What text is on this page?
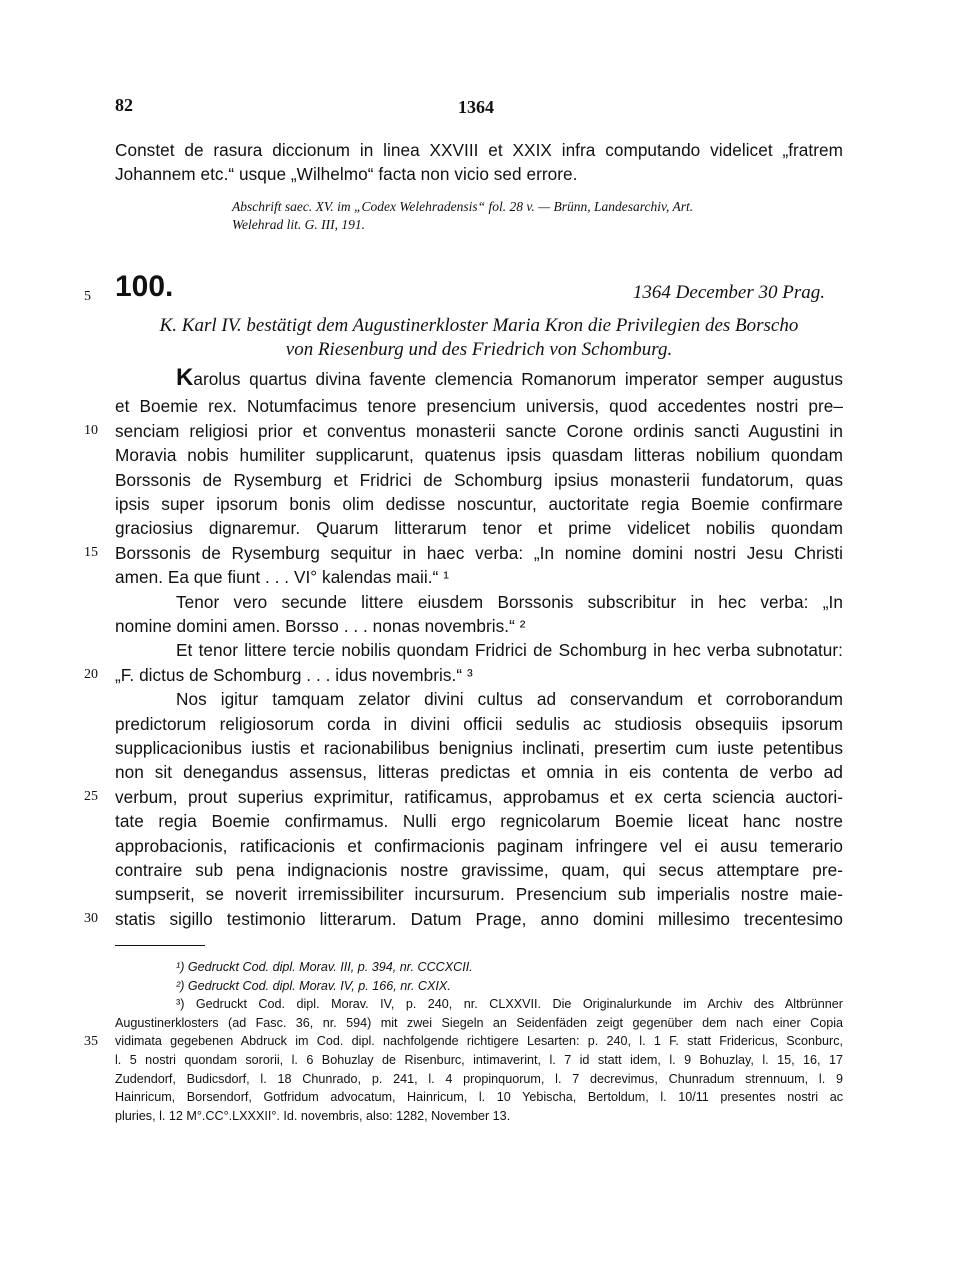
82	1364
Constet de rasura diccionum in linea XXVIII et XXIX infra computando videlicet „fratrem
Johannem etc.“ usque „Wilhelmo“ facta non vicio sed errore.
Abschrift saec. XV. im „Codex Welehradensis“ fol. 28 v. — Brünn, Landesarchiv, Art.
Welehrad lit. G. III, 191.
5 100.	1364 December 30 Prag.
K. Karl IV. bestätigt dem Augustinerkloster Maria Kron die Privilegien des Borscho
von Riesenburg und des Friedrich von Schomburg.
Karolus quartus divina favente clemencia Romanorum imperator semper augustus
et Boemie rex. Notumfacimus tenore presencium universis, quod accedentes nostri pre–
senciam religiosi prior et conventus monasterii sancte Corone ordinis sancti Augustini in
10
Moravia nobis humiliter supplicarunt, quatenus ipsis quasdam litteras nobilium quondam
Borssonis de Rysemburg et Fridrici de Schomburg ipsius monasterii fundatorum, quas
ipsis super ipsorum bonis olim dedisse noscuntur, auctoritate regia Boemie confirmare
graciosius dignaremur. Quarum litterarum tenor et prime videlicet nobilis quondam
Borssonis de Rysemburg sequitur in haec verba: „In nomine domini nostri Jesu Christi
15
amen. Ea que fiunt . . . VI° kalendas maii.“ ¹
Tenor vero secunde littere eiusdem Borssonis subscribitur in hec verba: „In
nomine domini amen. Borsso . . . nonas novembris.“ ²
Et tenor littere tercie nobilis quondam Fridrici de Schomburg in hec verba subnotatur:
„F. dictus de Schomburg . . . idus novembris.“ ³
20
Nos igitur tamquam zelator divini cultus ad conservandum et corroborandum
predictorum religiosorum corda in divini officii sedulis ac studiosis obsequiis ipsorum
supplicacionibus iustis et racionabilibus benignius inclinati, presertim cum iuste petentibus
non sit denegandus assensus, litteras predictas et omnia in eis contenta de verbo ad
verbum, prout superius exprimitur, ratificamus, approbamus et ex certa sciencia auctori-
25
tate regia Boemie confirmamus. Nulli ergo regnicolarum Boemie liceat hanc nostre
approbacionis, ratificacionis et confirmacionis paginam infringere vel ei ausu temerario
contraire sub pena indignacionis nostre gravissime, quam, qui secus attemptare pre-
sumpserit, se noverit irremissibiliter incursurum. Presencium sub imperialis nostre maie-
statis sigillo testimonio litterarum. Datum Prage, anno domini millesimo trecentesimo
30
¹) Gedruckt Cod. dipl. Morav. III, p. 394, nr. CCCXCII.
²) Gedruckt Cod. dipl. Morav. IV, p. 166, nr. CXIX.
³) Gedruckt Cod. dipl. Morav. IV, p. 240, nr. CLXXVII. Die Originalurkunde im Archiv des Altbrünner
Augustinerklosters (ad Fasc. 36, nr. 594) mit zwei Siegeln an Seidenfäden zeigt gegenüber dem nach einer Copia
vidimata gegebenen Abdruck im Cod. dipl. nachfolgende richtigere Lesarten: p. 240, l. 1 F. statt Fridericus, Sconburc,
35
l. 5 nostri quondam sororii, l. 6 Bohuzlay de Risenburc, intimaverint, l. 7 id statt idem, l. 9 Bohuzlay, l. 15, 16, 17
Zudendorf, Budicsdorf, l. 18 Chunrado, p. 241, l. 4 propinquorum, l. 7 decrevimus, Chunradum strennuum, l. 9
Hainricum, Borsendorf, Gotfridum advocatum, Hainricum, l. 10 Yebischa, Bertoldum, l. 10/11 presentes nostri ac
pluries, l. 12 M°.CC°.LXXXII°. Id. novembris, also: 1282, November 13.
